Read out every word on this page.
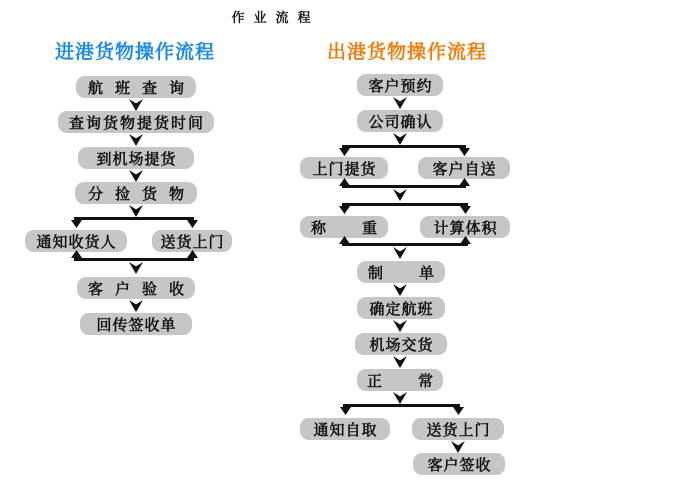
作业流程
进港货物操作流程	出港货物操作流程
航班查询
查询货物提货时间
到机场提货
分捡货物
通知收货人	送货上门
客户验收
回传签收单
客户预约
公司确认
上门提货	客户自送
称重	计算体积
制单
确定航班
机场交货
正常
通知自取	送货上门
客户签收
